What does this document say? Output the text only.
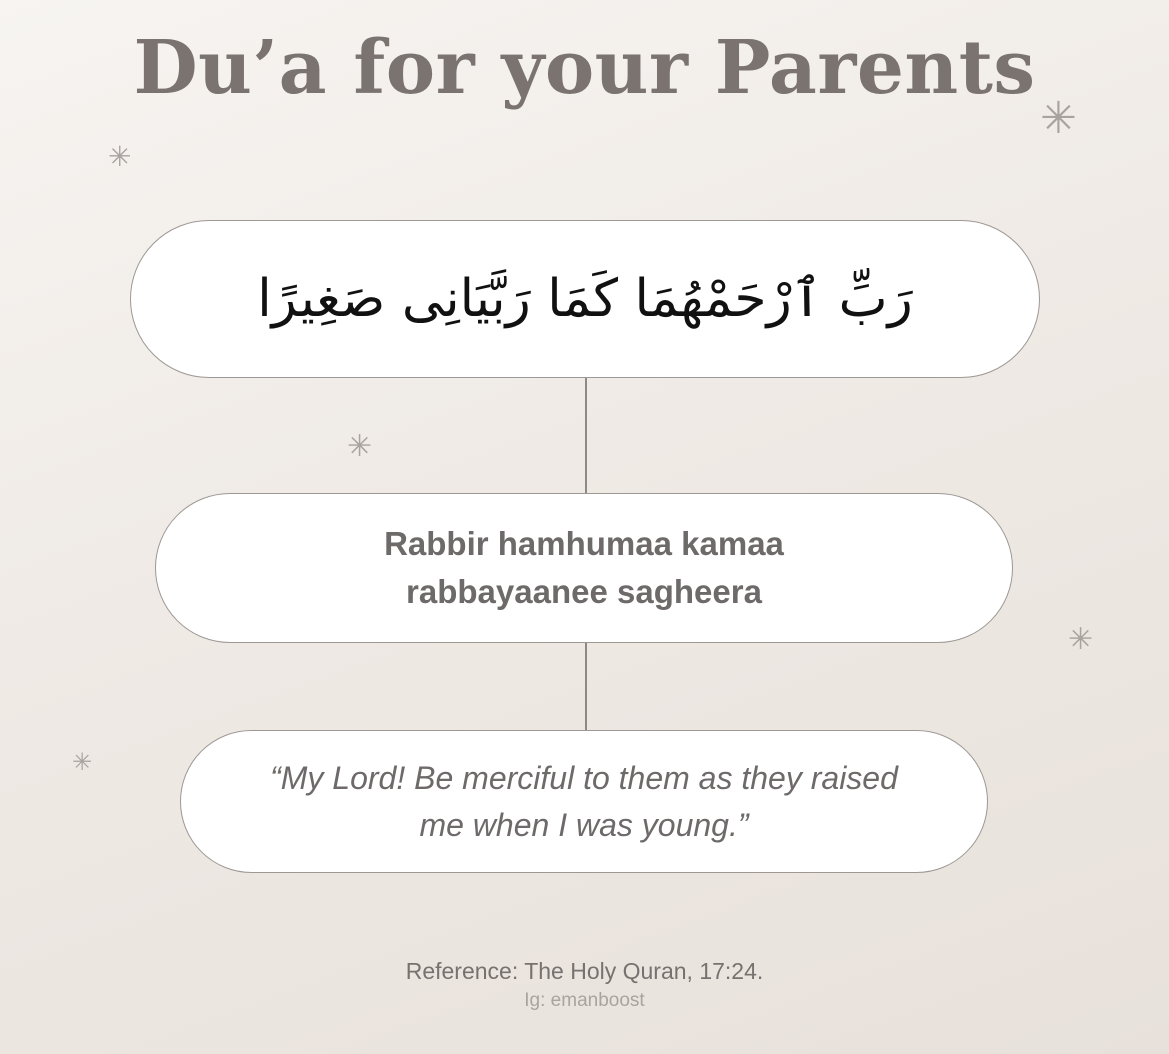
Du’a for your Parents
✳
✳
✳
✳
✳
رَبِّ ٱرْحَمْهُمَا كَمَا رَبَّيَانِى صَغِيرًا
Rabbir hamhumaa kamaa rabbayaanee sagheera
“My Lord! Be merciful to them as they raised me when I was young.”
Reference: The Holy Quran, 17:24.
Ig: emanboost
